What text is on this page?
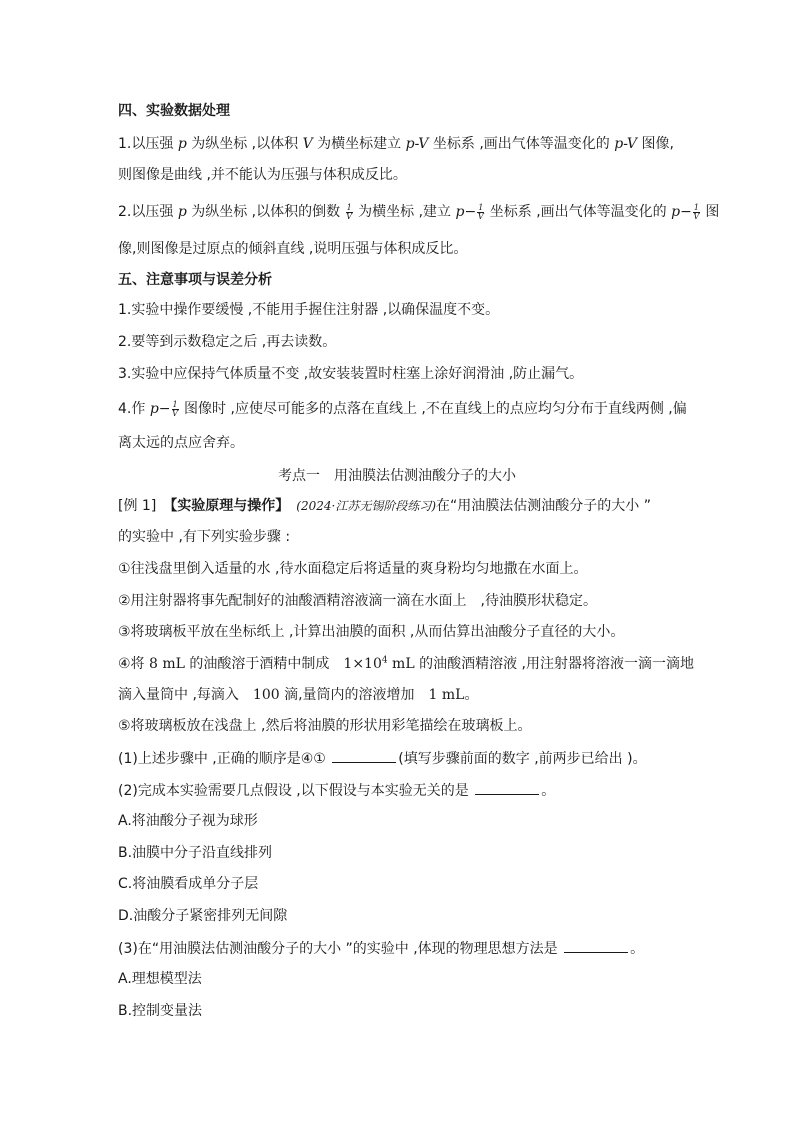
四、实验数据处理
1.以压强 p 为纵坐标 ,以体积 V 为横坐标建立 p-V 坐标系 ,画出气体等温变化的 p-V 图像,
则图像是曲线 ,并不能认为压强与体积成反比。
2.以压强 p 为纵坐标 ,以体积的倒数 $\frac{1}{V}$ 为横坐标 ,建立 $p- \frac{1}{V}$ 坐标系 ,画出气体等温变化的 $p- \frac{1}{V}$ 图
像,则图像是过原点的倾斜直线 ,说明压强与体积成反比。
五、注意事项与误差分析
1.实验中操作要缓慢 ,不能用手握住注射器 ,以确保温度不变。
2.要等到示数稳定之后 ,再去读数。
3.实验中应保持气体质量不变 ,故安装装置时柱塞上涂好润滑油 ,防止漏气。
4.作 $p- \frac{1}{V}$ 图像时 ,应使尽可能多的点落在直线上 ,不在直线上的点应均匀分布于直线两侧 ,偏
离太远的点应舍弃。
考点一　用油膜法估测油酸分子的大小
[例 1]　 【实验原理与操作】　 (2024·江苏无锡阶段练习)在“用油膜法估测油酸分子的大小 ”
的实验中 ,有下列实验步骤 :
①往浅盘里倒入适量的水 ,待水面稳定后将适量的爽身粉均匀地撒在水面上。
②用注射器将事先配制好的油酸酒精溶液滴一滴在水面上　,待油膜形状稳定。
③将玻璃板平放在坐标纸上 ,计算出油膜的面积 ,从而估算出油酸分子直径的大小。
④将 8 mL 的油酸溶于酒精中制成　$1\times 10^4$ mL 的油酸酒精溶液 ,用注射器将溶液一滴一滴地
滴入量筒中 ,每滴入　100 滴,量筒内的溶液增加　1 mL。
⑤将玻璃板放在浅盘上 ,然后将油膜的形状用彩笔描绘在玻璃板上。
(1)上述步骤中 ,正确的顺序是④①	(填写步骤前面的数字 ,前两步已给出 )。
(2)完成本实验需要几点假设 ,以下假设与本实验无关的是	。
A.将油酸分子视为球形
B.油膜中分子沿直线排列
C.将油膜看成单分子层
D.油酸分子紧密排列无间隙
(3)在“用油膜法估测油酸分子的大小 ”的实验中 ,体现的物理思想方法是	。
A.理想模型法
B.控制变量法
